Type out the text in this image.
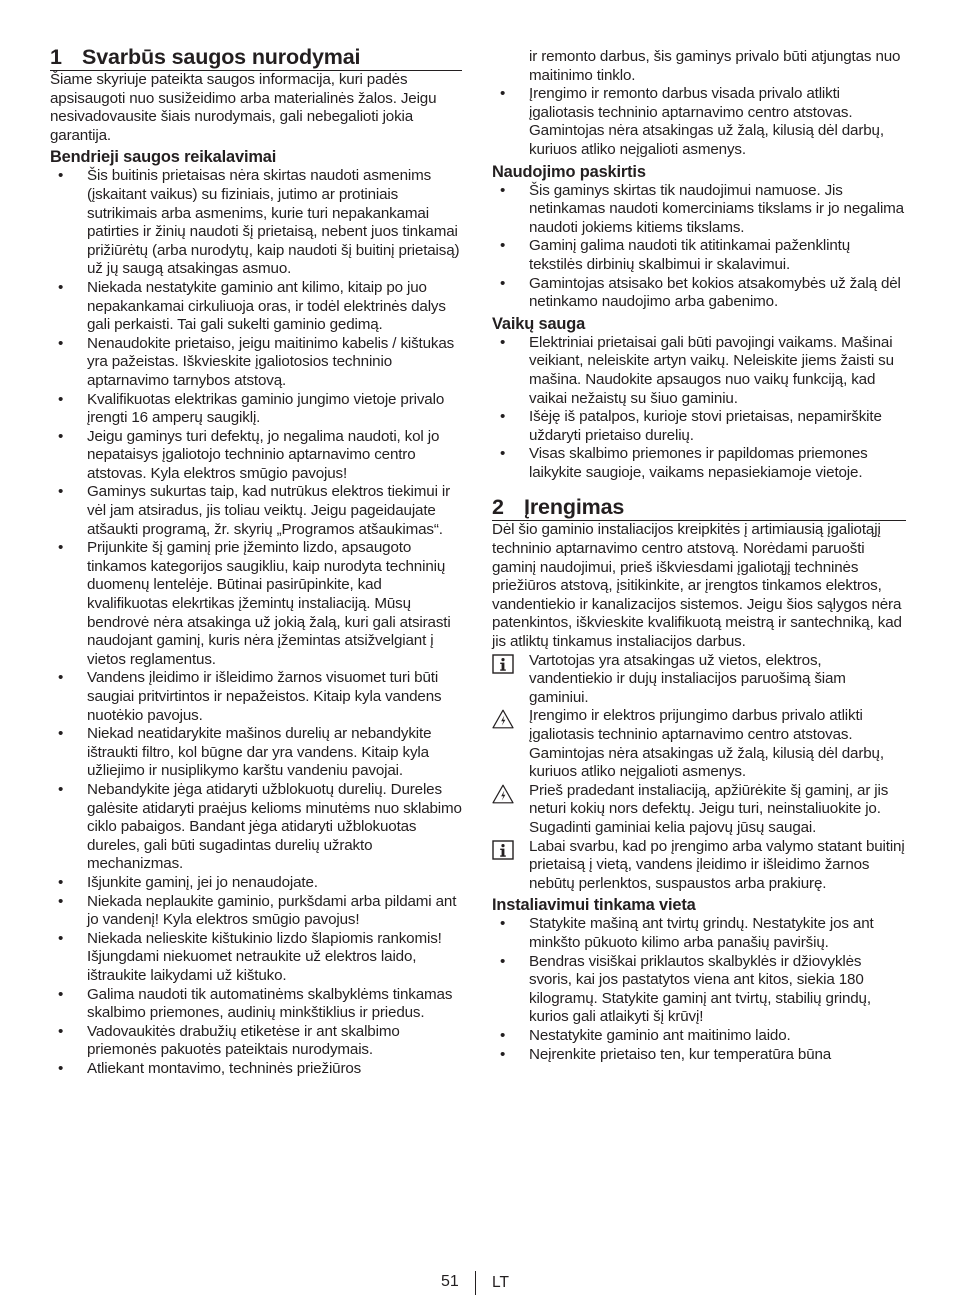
1 Svarbūs saugos nurodymai

Šiame skyriuje pateikta saugos informacija, kuri padės apsisaugoti nuo susižeidimo arba materialinės žalos. Jeigu nesivadovausite šiais nurodymais, gali nebegalioti jokia garantija.

Bendrieji saugos reikalavimai
• Šis buitinis prietaisas nėra skirtas naudoti asmenims (įskaitant vaikus) su fiziniais, jutimo ar protiniais sutrikimais arba asmenims, kurie turi nepakankamai patirties ir žinių naudoti šį prietaisą, nebent juos tinkamai prižiūrėtų (arba nurodytų, kaip naudoti šį buitinį prietaisą) už jų saugą atsakingas asmuo.
• Niekada nestatykite gaminio ant kilimo, kitaip po juo nepakankamai cirkuliuoja oras, ir todėl elektrinės dalys gali perkaisti. Tai gali sukelti gaminio gedimą.
• Nenaudokite prietaiso, jeigu maitinimo kabelis / kištukas yra pažeistas. Iškvieskite įgaliotosios techninio aptarnavimo tarnybos atstovą.
• Kvalifikuotas elektrikas gaminio jungimo vietoje privalo įrengti 16 amperų saugiklį.
• Jeigu gaminys turi defektų, jo negalima naudoti, kol jo nepataisys įgaliotojo techninio aptarnavimo centro atstovas. Kyla elektros smūgio pavojus!
• Gaminys sukurtas taip, kad nutrūkus elektros tiekimui ir vėl jam atsiradus, jis toliau veiktų. Jeigu pageidaujate atšaukti programą, žr. skyrių „Programos atšaukimas“.
• Prijunkite šį gaminį prie įžeminto lizdo, apsaugoto tinkamos kategorijos saugikliu, kaip nurodyta techninių duomenų lentelėje. Būtinai pasirūpinkite, kad kvalifikuotas elekrtikas įžemintų instaliaciją. Mūsų bendrovė nėra atsakinga už jokią žalą, kuri gali atsirasti naudojant gaminį, kuris nėra įžemintas atsižvelgiant į vietos reglamentus.
• Vandens įleidimo ir išleidimo žarnos visuomet turi būti saugiai pritvirtintos ir nepažeistos. Kitaip kyla vandens nuotėkio pavojus.
• Niekad neatidarykite mašinos durelių ar nebandykite ištraukti filtro, kol būgne dar yra vandens. Kitaip kyla užliejimo ir nusiplikymo karštu vandeniu pavojai.
• Nebandykite jėga atidaryti užblokuotų durelių. Dureles galėsite atidaryti praėjus kelioms minutėms nuo sklabimo ciklo pabaigos. Bandant jėga atidaryti užblokuotas dureles, gali būti sugadintas durelių užrakto mechanizmas.
• Išjunkite gaminį, jei jo nenaudojate.
• Niekada neplaukite gaminio, purkšdami arba pildami ant jo vandenį! Kyla elektros smūgio pavojus!
• Niekada nelieskite kištukinio lizdo šlapiomis rankomis! Išjungdami niekuomet netraukite už elektros laido, ištraukite laikydami už kištuko.
• Galima naudoti tik automatinėms skalbyklėms tinkamas skalbimo priemones, audinių minkštiklius ir priedus.
• Vadovaukitės drabužių etiketėse ir ant skalbimo priemonės pakuotės pateiktais nurodymais.
• Atliekant montavimo, techninės priežiūros

ir remonto darbus, šis gaminys privalo būti atjungtas nuo maitinimo tinklo.

• Įrengimo ir remonto darbus visada privalo atlikti įgaliotasis techninio aptarnavimo centro atstovas. Gamintojas nėra atsakingas už žalą, kilusią dėl darbų, kuriuos atliko neįgalioti asmenys.
Naudojimo paskirtis
• Šis gaminys skirtas tik naudojimui namuose. Jis netinkamas naudoti komerciniams tikslams ir jo negalima naudoti jokiems kitiems tikslams.
• Gaminį galima naudoti tik atitinkamai paženklintų tekstilės dirbinių skalbimui ir skalavimui.
• Gamintojas atsisako bet kokios atsakomybės už žalą dėl netinkamo naudojimo arba gabenimo.
Vaikų sauga
• Elektriniai prietaisai gali būti pavojingi vaikams. Mašinai veikiant, neleiskite artyn vaikų. Neleiskite jiems žaisti su mašina. Naudokite apsaugos nuo vaikų funkciją, kad vaikai nežaistų su šiuo gaminiu.
• Išėję iš patalpos, kurioje stovi prietaisas, nepamirškite uždaryti prietaiso durelių.
• Visas skalbimo priemones ir papildomas priemones laikykite saugioje, vaikams nepasiekiamoje vietoje.
2 Įrengimas

Dėl šio gaminio instaliacijos kreipkitės į artimiausią įgaliotąjį techninio aptarnavimo centro atstovą. Norėdami paruošti gaminį naudojimui, prieš iškviesdami įgaliotąjį techninės priežiūros atstovą, įsitikinkite, ar įrengtos tinkamos elektros, vandentiekio ir kanalizacijos sistemos. Jeigu šios sąlygos nėra patenkintos, iškvieskite kvalifikuotą meistrą ir santechniką, kad jis atliktų tinkamus instaliacijos darbus.

Vartotojas yra atsakingas už vietos, elektros, vandentiekio ir dujų instaliacijos paruošimą šiam gaminiui.
Įrengimo ir elektros prijungimo darbus privalo atlikti įgaliotasis techninio aptarnavimo centro atstovas. Gamintojas nėra atsakingas už žalą, kilusią dėl darbų, kuriuos atliko neįgalioti asmenys.
Prieš pradedant instaliaciją, apžiūrėkite šį gaminį, ar jis neturi kokių nors defektų. Jeigu turi, neinstaliuokite jo. Sugadinti gaminiai kelia pajovų jūsų saugai.
Labai svarbu, kad po įrengimo arba valymo statant buitinį prietaisą į vietą, vandens įleidimo ir išleidimo žarnos nebūtų perlenktos, suspaustos arba prakiurę.
Instaliavimui tinkama vieta
• Statykite mašiną ant tvirtų grindų. Nestatykite jos ant minkšto pūkuoto kilimo arba panašių paviršių.
• Bendras visiškai priklautos skalbyklės ir džiovyklės svoris, kai jos pastatytos viena ant kitos, siekia 180 kilogramų. Statykite gaminį ant tvirtų, stabilių grindų, kurios gali atlaikyti šį krūvį!
• Nestatykite gaminio ant maitinimo laido.
• Neįrenkite prietaiso ten, kur temperatūra būna
51 LT
